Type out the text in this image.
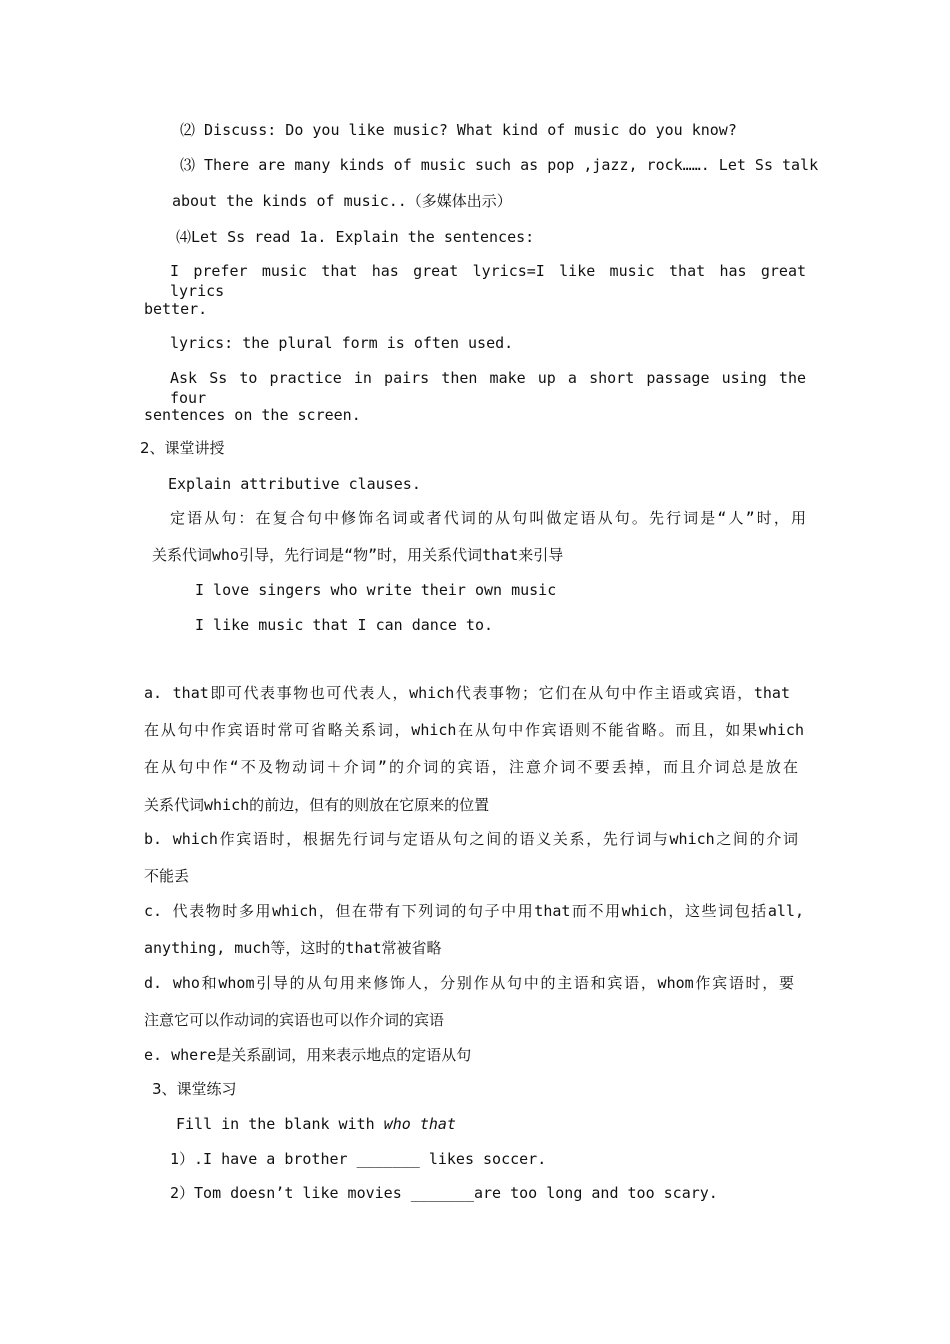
⑵ Discuss: Do you like music? What kind of music do you know?
⑶ There are many kinds of music such as pop ,jazz, rock……. Let Ss talk
about the kinds of music..（多媒体出示）
⑷Let Ss read 1a. Explain the sentences:
I prefer music that has great lyrics=I like music that has great lyrics
better.
lyrics: the plural form is often used.
Ask Ss to practice in pairs then make up a short passage using the four
sentences on the screen.
2、课堂讲授
Explain attributive clauses.
定语从句：在复合句中修饰名词或者代词的从句叫做定语从句。先行词是“人”时，用
关系代词who引导，先行词是“物”时，用关系代词that来引导
I love singers who write their own music
I like music that I can dance to.
a. that即可代表事物也可代表人，which代表事物；它们在从句中作主语或宾语，that
在从句中作宾语时常可省略关系词，which在从句中作宾语则不能省略。而且，如果which
在从句中作“不及物动词＋介词”的介词的宾语，注意介词不要丢掉，而且介词总是放在
关系代词which的前边，但有的则放在它原来的位置
b. which作宾语时，根据先行词与定语从句之间的语义关系，先行词与which之间的介词
不能丢
c. 代表物时多用which，但在带有下列词的句子中用that而不用which，这些词包括all,
anything, much等，这时的that常被省略
d. who和whom引导的从句用来修饰人，分别作从句中的主语和宾语，whom作宾语时，要
注意它可以作动词的宾语也可以作介词的宾语
e. where是关系副词，用来表示地点的定语从句
3、课堂练习
Fill in the blank with who that
1）.I have a brother _______ likes soccer.
2）Tom doesn’t like movies _______are too long and too scary.
